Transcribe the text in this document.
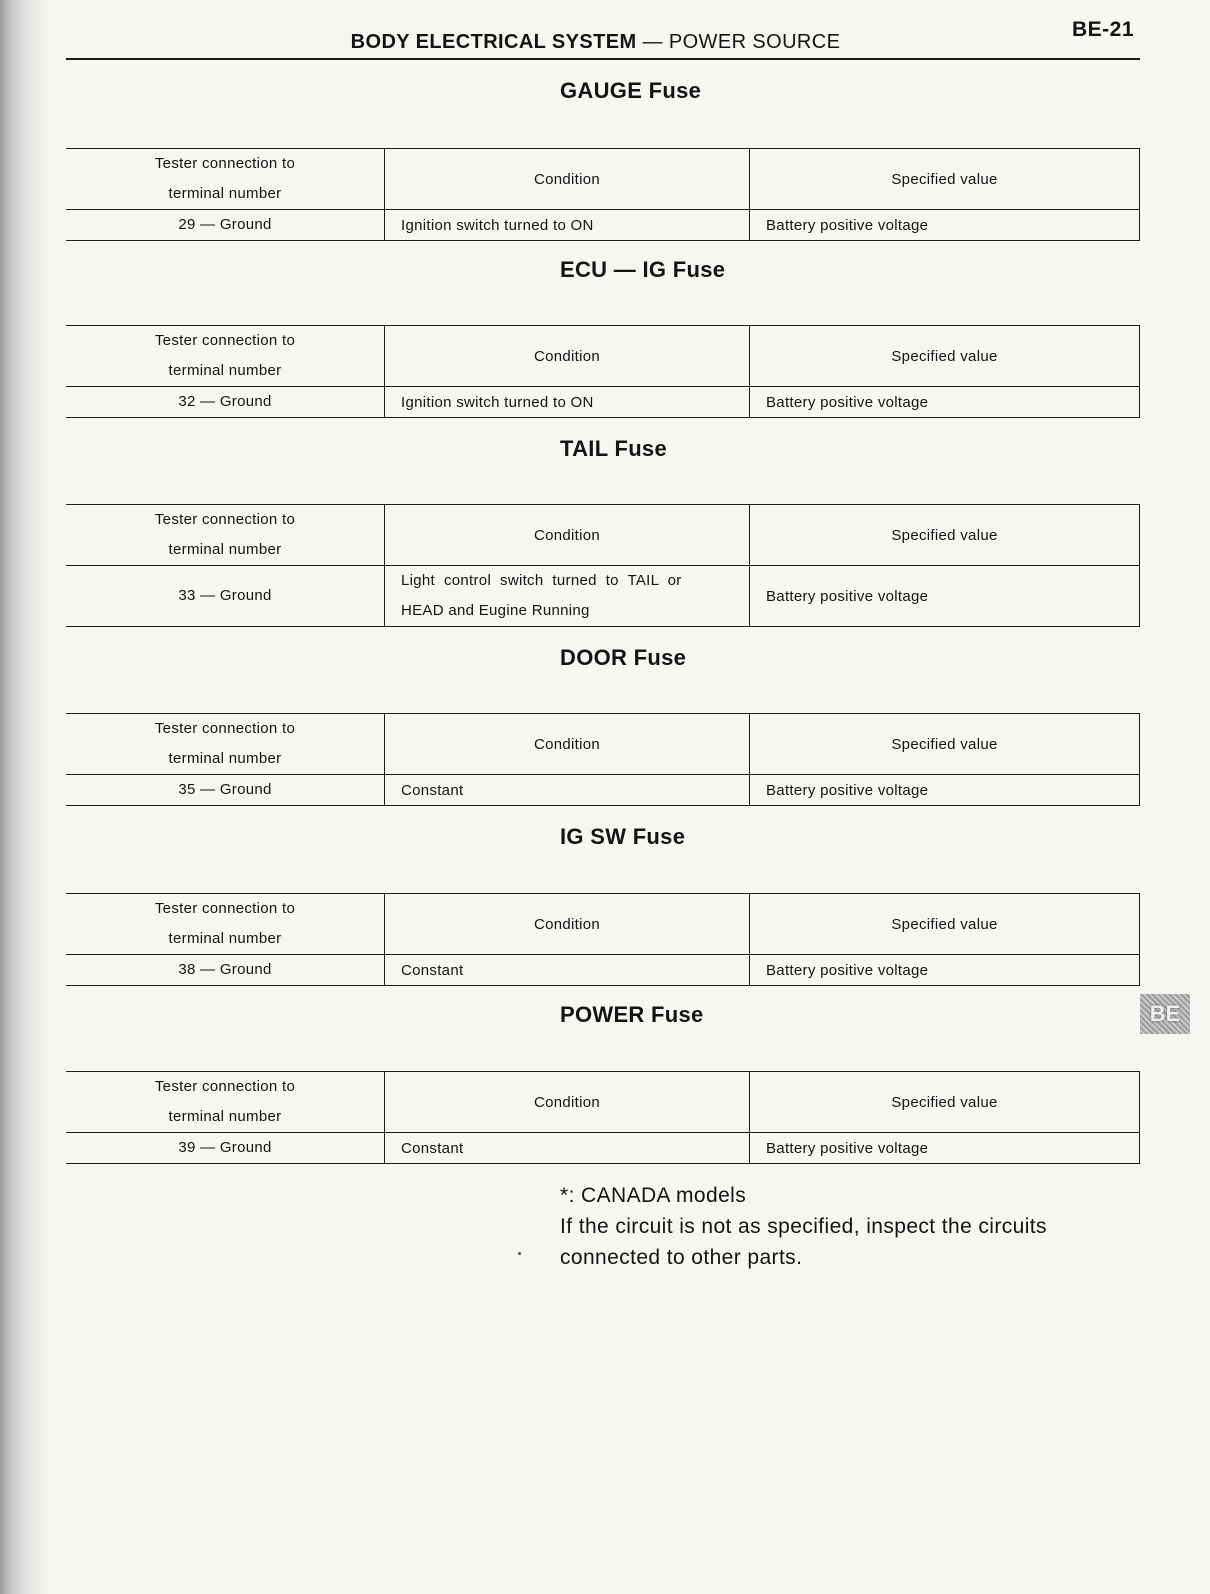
BODY ELECTRICAL SYSTEM — POWER SOURCE
BE-21
GAUGE Fuse
Tester connection to
terminal number	Condition	Specified value
29 — Ground	Ignition switch turned to ON	Battery positive voltage
ECU — IG Fuse
Tester connection to
terminal number	Condition	Specified value
32 — Ground	Ignition switch turned to ON	Battery positive voltage
TAIL Fuse
Tester connection to
terminal number	Condition	Specified value
33 — Ground	Light  control  switch  turned  to  TAIL  or
HEAD and Eugine Running	Battery positive voltage
DOOR Fuse
Tester connection to
terminal number	Condition	Specified value
35 — Ground	Constant	Battery positive voltage
IG SW Fuse
Tester connection to
terminal number	Condition	Specified value
38 — Ground	Constant	Battery positive voltage
POWER Fuse
Tester connection to
terminal number	Condition	Specified value
39 — Ground	Constant	Battery positive voltage
*: CANADA models
If the circuit is not as specified, inspect the circuits connected to other parts.
BE
